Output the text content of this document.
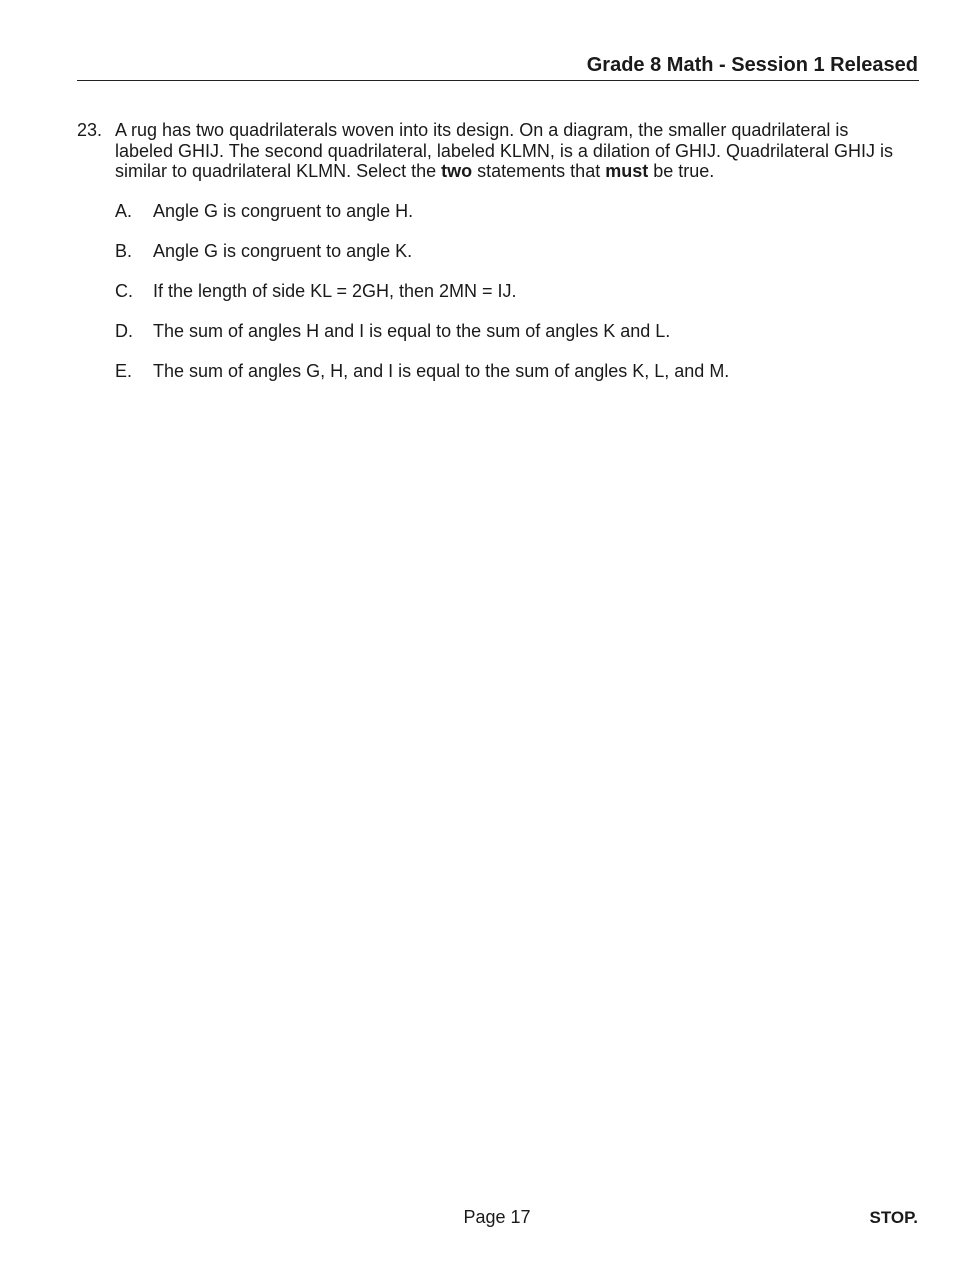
Grade 8 Math - Session 1 Released
23. A rug has two quadrilaterals woven into its design. On a diagram, the smaller quadrilateral is labeled GHIJ. The second quadrilateral, labeled KLMN, is a dilation of GHIJ. Quadrilateral GHIJ is similar to quadrilateral KLMN. Select the two statements that must be true.
A. Angle G is congruent to angle H.
B. Angle G is congruent to angle K.
C. If the length of side KL = 2GH, then 2MN = IJ.
D. The sum of angles H and I is equal to the sum of angles K and L.
E. The sum of angles G, H, and I is equal to the sum of angles K, L, and M.
Page 17	STOP.
